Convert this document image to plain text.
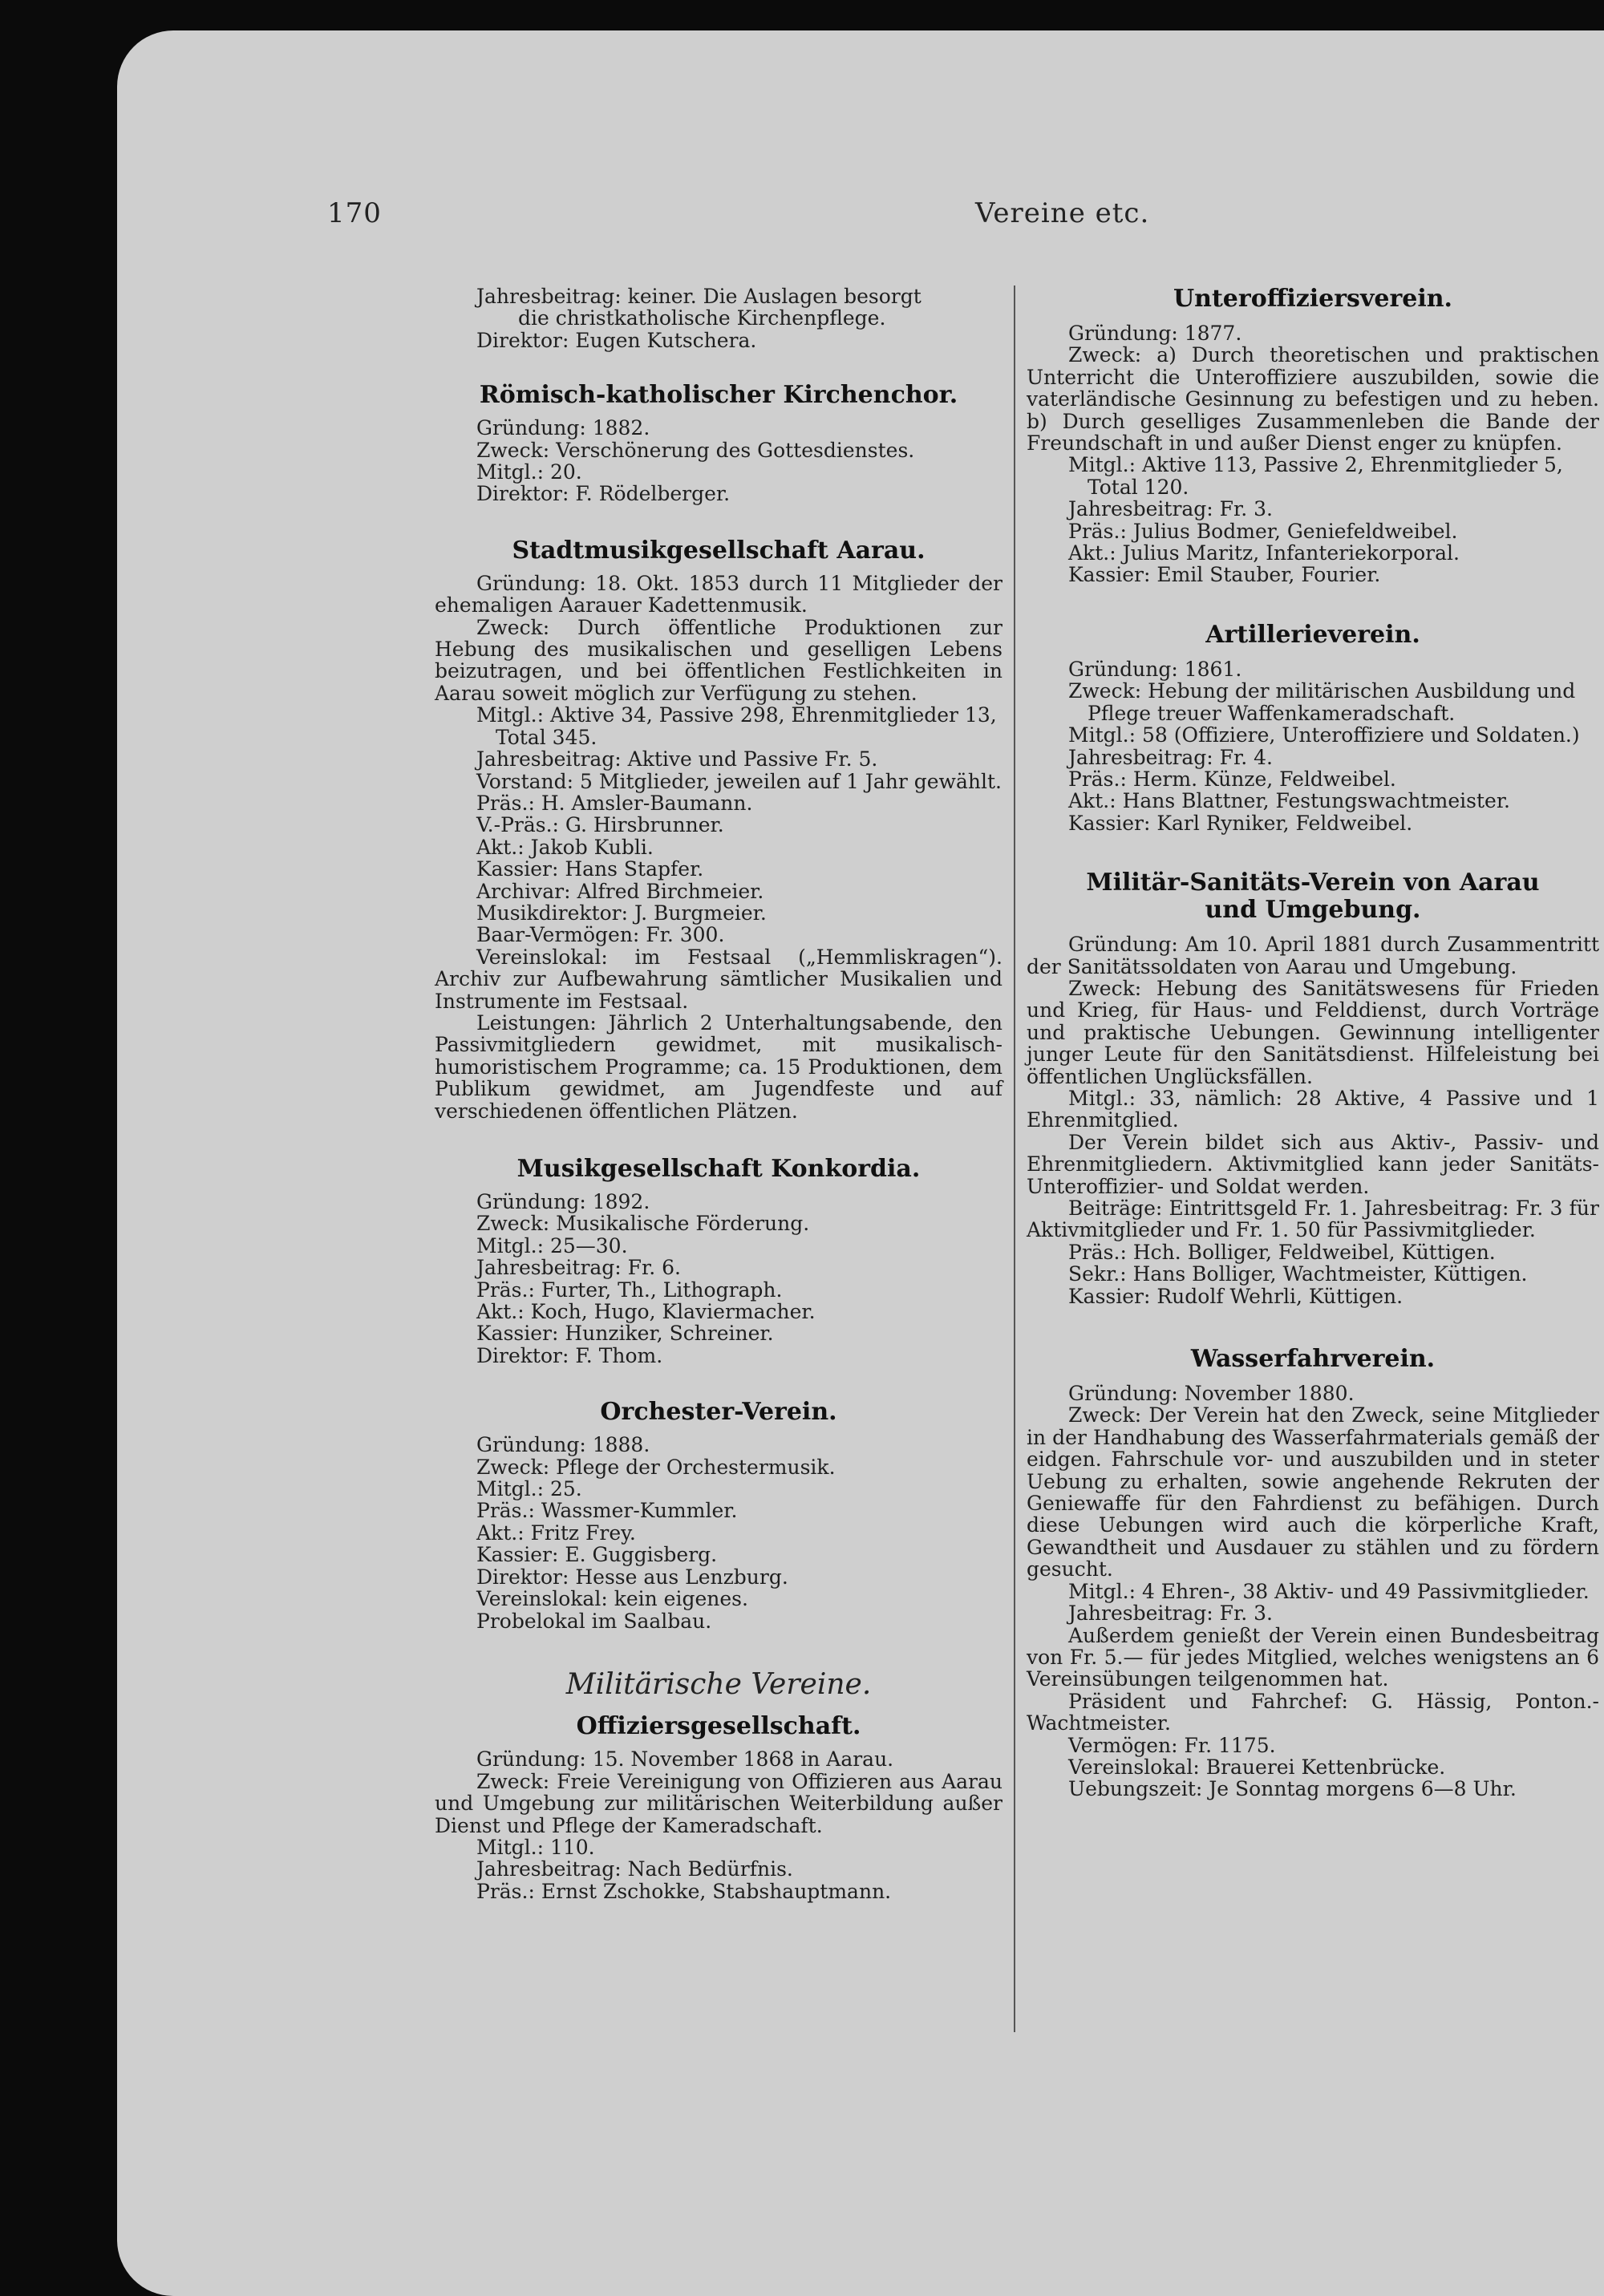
170	Vereine etc.
Jahresbeitrag: keiner. Die Auslagen besorgt
die christkatholische Kirchenpflege.
Direktor: Eugen Kutschera.
Römisch-katholischer Kirchenchor.
Gründung: 1882.
Zweck: Verschönerung des Gottesdienstes.
Mitgl.: 20.
Direktor: F. Rödelberger.
Stadtmusikgesellschaft Aarau.

Gründung: 18. Okt. 1853 durch 11 Mitglieder der ehemaligen Aarauer Kadettenmusik.

Zweck: Durch öffentliche Produktionen zur Hebung des musikalischen und geselligen Lebens beizutragen, und bei öffentlichen Festlichkeiten in Aarau soweit möglich zur Verfügung zu stehen.

Mitgl.: Aktive 34, Passive 298, Ehrenmitglieder 13, Total 345.

Jahresbeitrag: Aktive und Passive Fr. 5.

Vorstand: 5 Mitglieder, jeweilen auf 1 Jahr gewählt.

Präs.: H. Amsler-Baumann.
V.-Präs.: G. Hirsbrunner.
Akt.: Jakob Kubli.
Kassier: Hans Stapfer.
Archivar: Alfred Birchmeier.
Musikdirektor: J. Burgmeier.
Baar-Vermögen: Fr. 300.

Vereinslokal: im Festsaal („Hemmliskragen“). Archiv zur Aufbewahrung sämtlicher Musikalien und Instrumente im Festsaal.

Leistungen: Jährlich 2 Unterhaltungsabende, den Passivmitgliedern gewidmet, mit musikalisch-humoristischem Programme; ca. 15 Produktionen, dem Publikum gewidmet, am Jugendfeste und auf verschiedenen öffentlichen Plätzen.

Musikgesellschaft Konkordia.
Gründung: 1892.
Zweck: Musikalische Förderung.
Mitgl.: 25—30.
Jahresbeitrag: Fr. 6.
Präs.: Furter, Th., Lithograph.
Akt.: Koch, Hugo, Klaviermacher.
Kassier: Hunziker, Schreiner.
Direktor: F. Thom.
Orchester-Verein.
Gründung: 1888.
Zweck: Pflege der Orchestermusik.
Mitgl.: 25.
Präs.: Wassmer-Kummler.
Akt.: Fritz Frey.
Kassier: E. Guggisberg.
Direktor: Hesse aus Lenzburg.
Vereinslokal: kein eigenes.
Probelokal im Saalbau.
Militärische Vereine.
Offiziersgesellschaft.
Gründung: 15. November 1868 in Aarau.

Zweck: Freie Vereinigung von Offizieren aus Aarau und Umgebung zur militärischen Weiterbildung außer Dienst und Pflege der Kameradschaft.

Mitgl.: 110.
Jahresbeitrag: Nach Bedürfnis.
Präs.: Ernst Zschokke, Stabshauptmann.
Unteroffiziersverein.
Gründung: 1877.

Zweck: a) Durch theoretischen und praktischen Unterricht die Unteroffiziere auszubilden, sowie die vaterländische Gesinnung zu befestigen und zu heben. b) Durch geselliges Zusammenleben die Bande der Freundschaft in und außer Dienst enger zu knüpfen.

Mitgl.: Aktive 113, Passive 2, Ehrenmitglieder 5, Total 120.

Jahresbeitrag: Fr. 3.
Präs.: Julius Bodmer, Geniefeldweibel.
Akt.: Julius Maritz, Infanteriekorporal.
Kassier: Emil Stauber, Fourier.
Artillerieverein.
Gründung: 1861.

Zweck: Hebung der militärischen Ausbildung und Pflege treuer Waffenkameradschaft.

Mitgl.: 58 (Offiziere, Unteroffiziere und Soldaten.)

Jahresbeitrag: Fr. 4.
Präs.: Herm. Künze, Feldweibel.
Akt.: Hans Blattner, Festungswachtmeister.
Kassier: Karl Ryniker, Feldweibel.
Militär-Sanitäts-Verein von Aarau
und Umgebung.

Gründung: Am 10. April 1881 durch Zusammentritt der Sanitätssoldaten von Aarau und Umgebung.

Zweck: Hebung des Sanitätswesens für Frieden und Krieg, für Haus- und Felddienst, durch Vorträge und praktische Uebungen. Gewinnung intelligenter junger Leute für den Sanitätsdienst. Hilfeleistung bei öffentlichen Unglücksfällen.

Mitgl.: 33, nämlich: 28 Aktive, 4 Passive und 1 Ehrenmitglied.

Der Verein bildet sich aus Aktiv-, Passiv- und Ehrenmitgliedern. Aktivmitglied kann jeder Sanitäts-Unteroffizier- und Soldat werden.

Beiträge: Eintrittsgeld Fr. 1. Jahresbeitrag: Fr. 3 für Aktivmitglieder und Fr. 1. 50 für Passivmitglieder.

Präs.: Hch. Bolliger, Feldweibel, Küttigen.
Sekr.: Hans Bolliger, Wachtmeister, Küttigen.
Kassier: Rudolf Wehrli, Küttigen.
Wasserfahrverein.
Gründung: November 1880.

Zweck: Der Verein hat den Zweck, seine Mitglieder in der Handhabung des Wasserfahrmaterials gemäß der eidgen. Fahrschule vor- und auszubilden und in steter Uebung zu erhalten, sowie angehende Rekruten der Geniewaffe für den Fahrdienst zu befähigen. Durch diese Uebungen wird auch die körperliche Kraft, Gewandtheit und Ausdauer zu stählen und zu fördern gesucht.

Mitgl.: 4 Ehren-, 38 Aktiv- und 49 Passivmitglieder.

Jahresbeitrag: Fr. 3.

Außerdem genießt der Verein einen Bundesbeitrag von Fr. 5.— für jedes Mitglied, welches wenigstens an 6 Vereinsübungen teilgenommen hat.

Präsident und Fahrchef: G. Hässig, Ponton.-Wachtmeister.

Vermögen: Fr. 1175.
Vereinslokal: Brauerei Kettenbrücke.
Uebungszeit: Je Sonntag morgens 6—8 Uhr.
